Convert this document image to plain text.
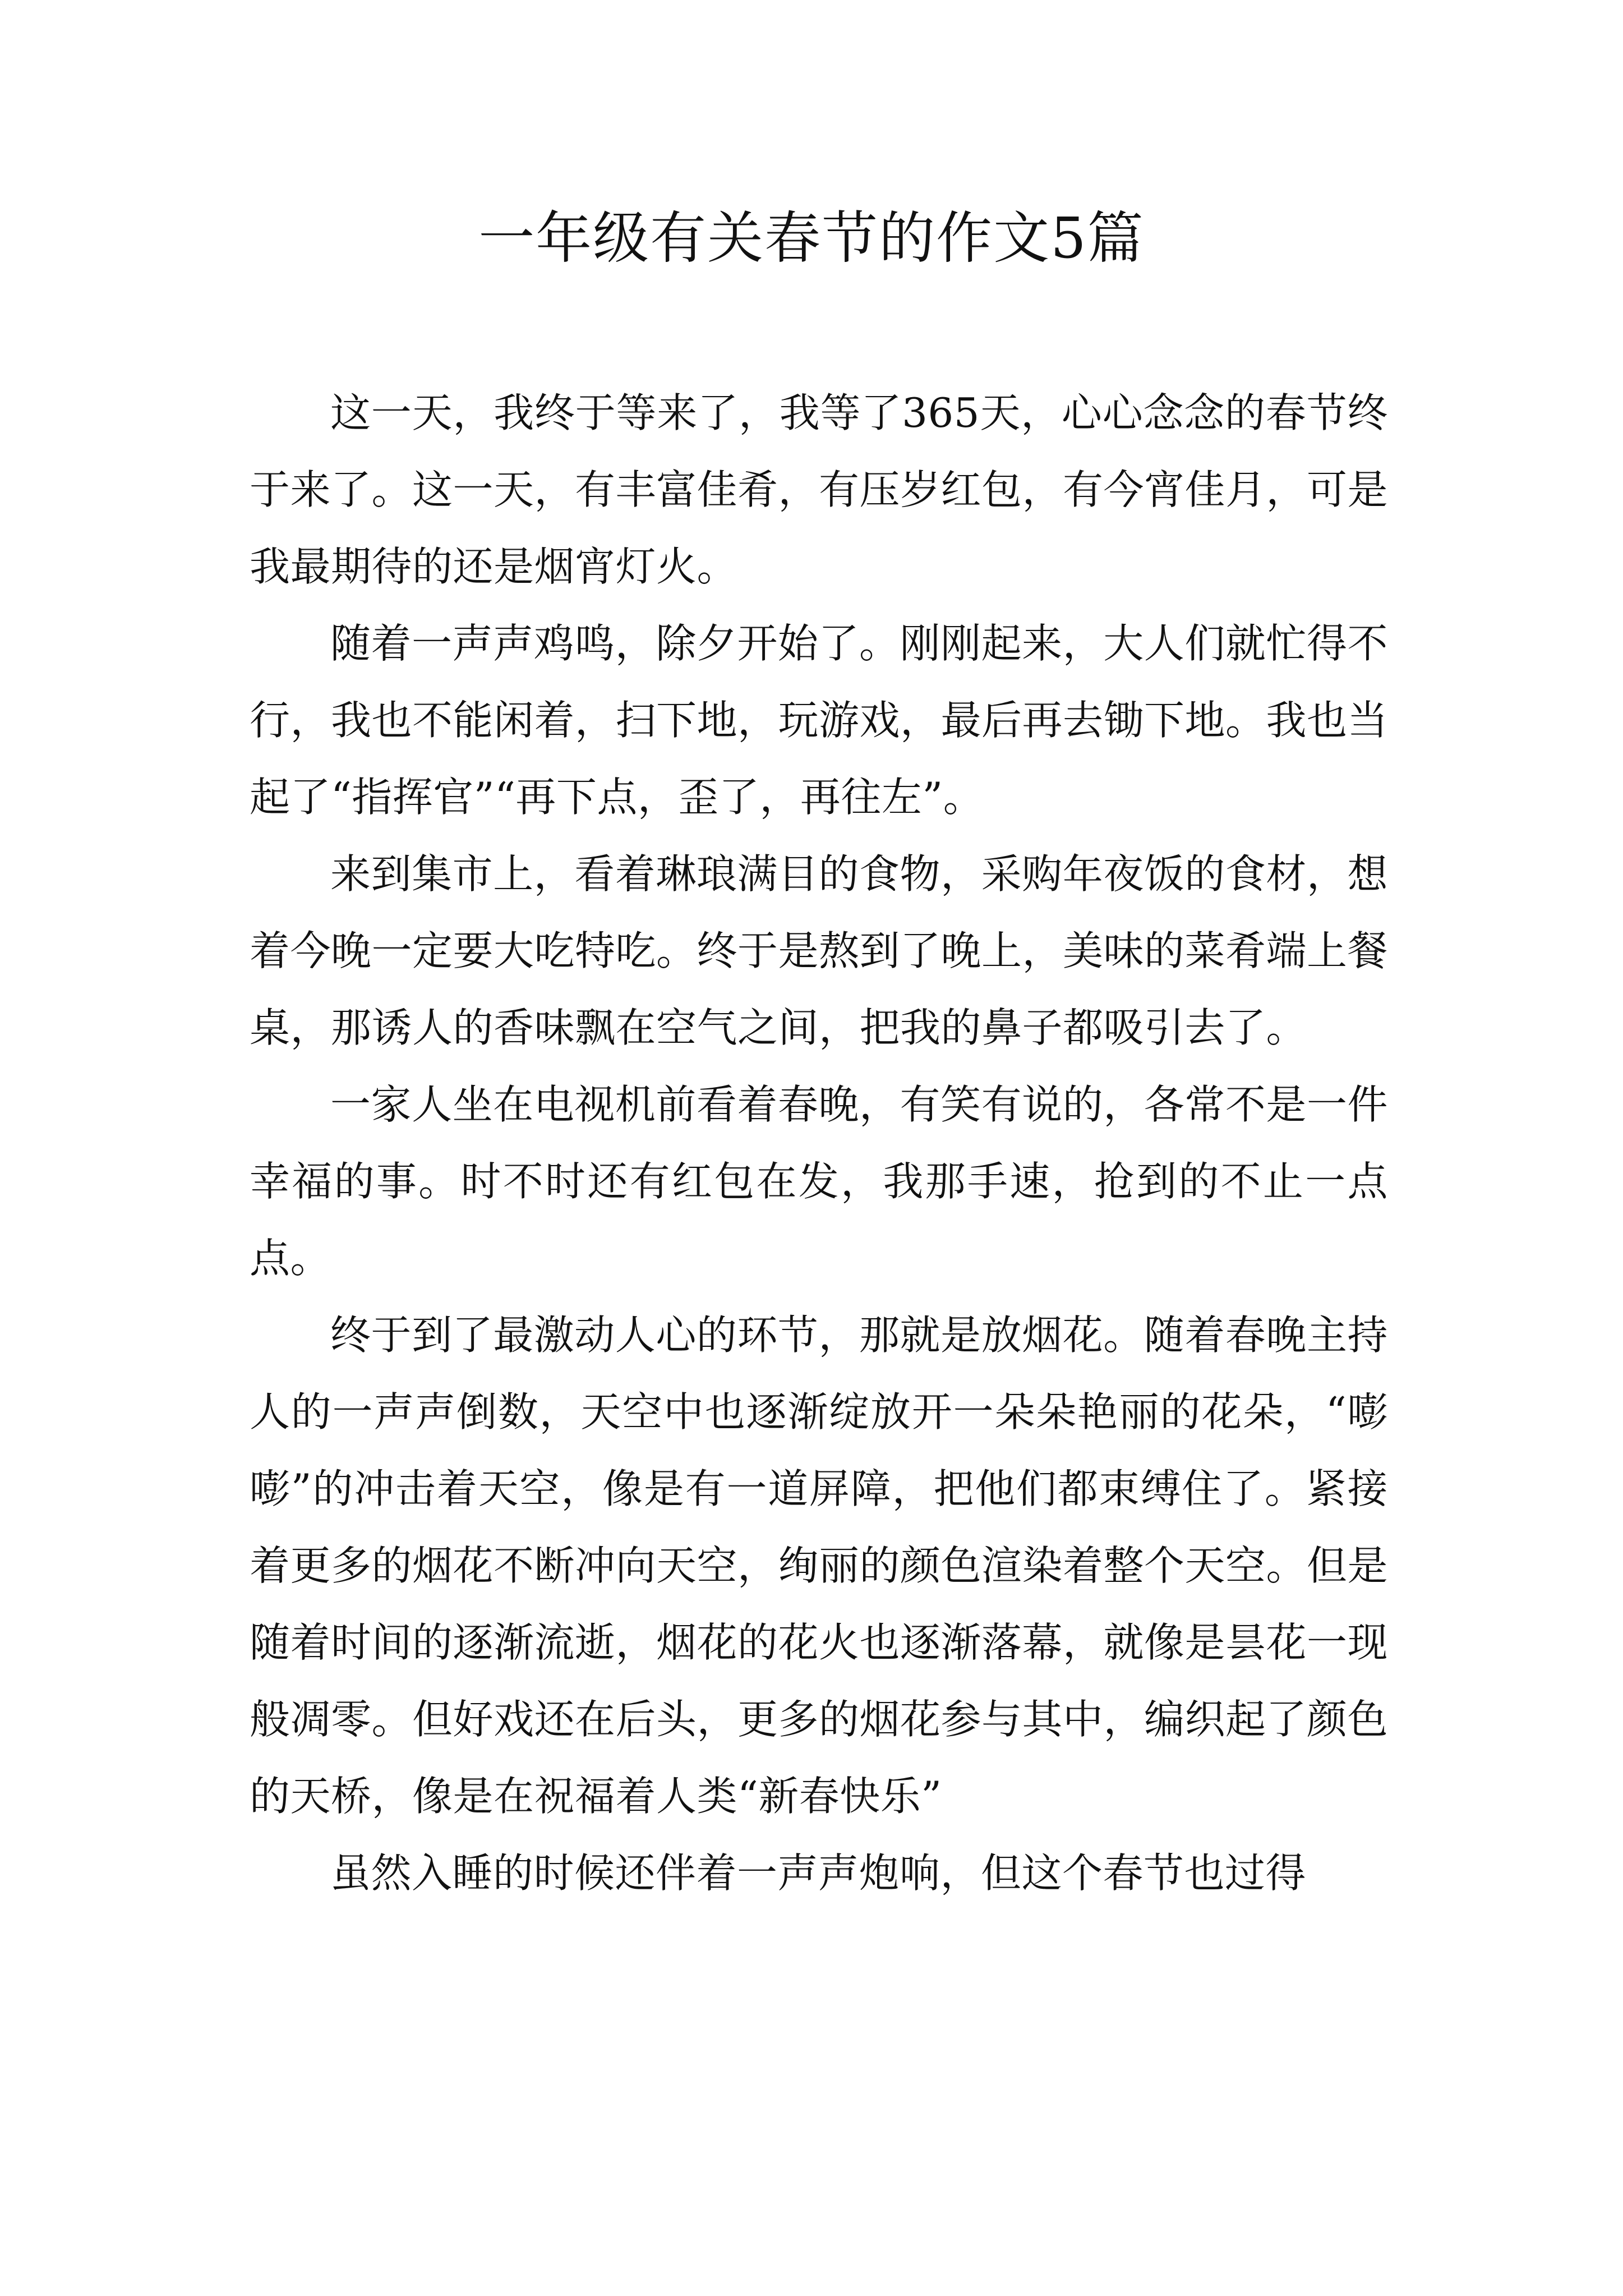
一年级有关春节的作文5篇

这一天，我终于等来了，我等了365天，心心念念的春节终于来了。这一天，有丰富佳肴，有压岁红包，有今宵佳月，可是我最期待的还是烟宵灯火。

随着一声声鸡鸣，除夕开始了。刚刚起来，大人们就忙得不行，我也不能闲着，扫下地，玩游戏，最后再去锄下地。我也当起了“指挥官”“再下点，歪了，再往左”。

来到集市上，看着琳琅满目的食物，采购年夜饭的食材，想着今晚一定要大吃特吃。终于是熬到了晚上，美味的菜肴端上餐桌，那诱人的香味飘在空气之间，把我的鼻子都吸引去了。

一家人坐在电视机前看着春晚，有笑有说的，各常不是一件幸福的事。时不时还有红包在发，我那手速，抢到的不止一点点。

终于到了最激动人心的环节，那就是放烟花。随着春晚主持人的一声声倒数，天空中也逐渐绽放开一朵朵艳丽的花朵，“嘭嘭”的冲击着天空，像是有一道屏障，把他们都束缚住了。紧接着更多的烟花不断冲向天空，绚丽的颜色渲染着整个天空。但是随着时间的逐渐流逝，烟花的花火也逐渐落幕，就像是昙花一现般凋零。但好戏还在后头，更多的烟花参与其中，编织起了颜色的天桥，像是在祝福着人类“新春快乐”

虽然入睡的时候还伴着一声声炮响，但这个春节也过得
